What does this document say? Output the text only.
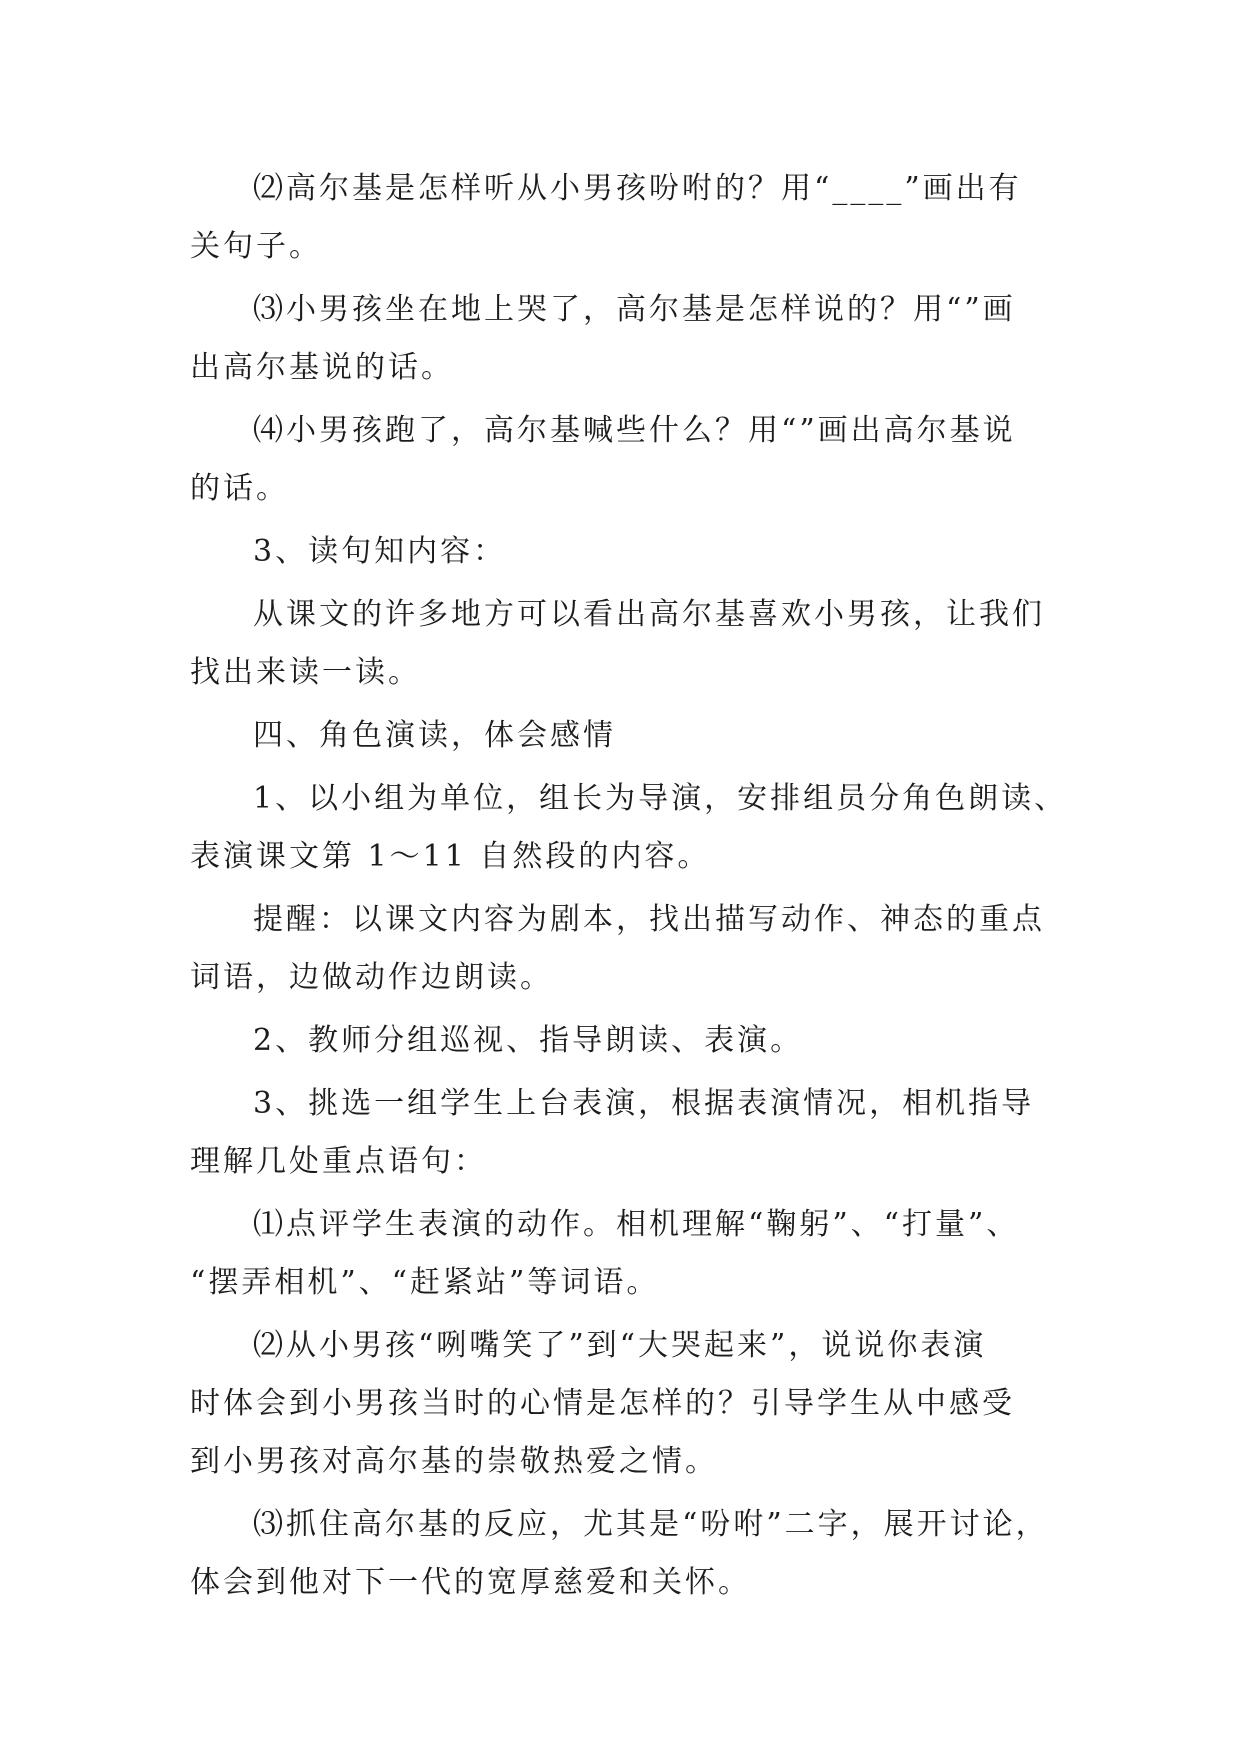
⑵高尔基是怎样听从小男孩吩咐的？用“____”画出有
关句子。

⑶小男孩坐在地上哭了，高尔基是怎样说的？用“”画
出高尔基说的话。

⑷小男孩跑了，高尔基喊些什么？用“”画出高尔基说
的话。

3、读句知内容：

从课文的许多地方可以看出高尔基喜欢小男孩，让我们
找出来读一读。

四、角色演读，体会感情

1、以小组为单位，组长为导演，安排组员分角色朗读、
表演课文第 1～11 自然段的内容。

提醒：以课文内容为剧本，找出描写动作、神态的重点
词语，边做动作边朗读。

2、教师分组巡视、指导朗读、表演。

3、挑选一组学生上台表演，根据表演情况，相机指导
理解几处重点语句：

⑴点评学生表演的动作。相机理解“鞠躬”、“打量”、
“摆弄相机”、“赶紧站”等词语。

⑵从小男孩“咧嘴笑了”到“大哭起来”，说说你表演
时体会到小男孩当时的心情是怎样的？引导学生从中感受
到小男孩对高尔基的崇敬热爱之情。

⑶抓住高尔基的反应，尤其是“吩咐”二字，展开讨论，
体会到他对下一代的宽厚慈爱和关怀。
